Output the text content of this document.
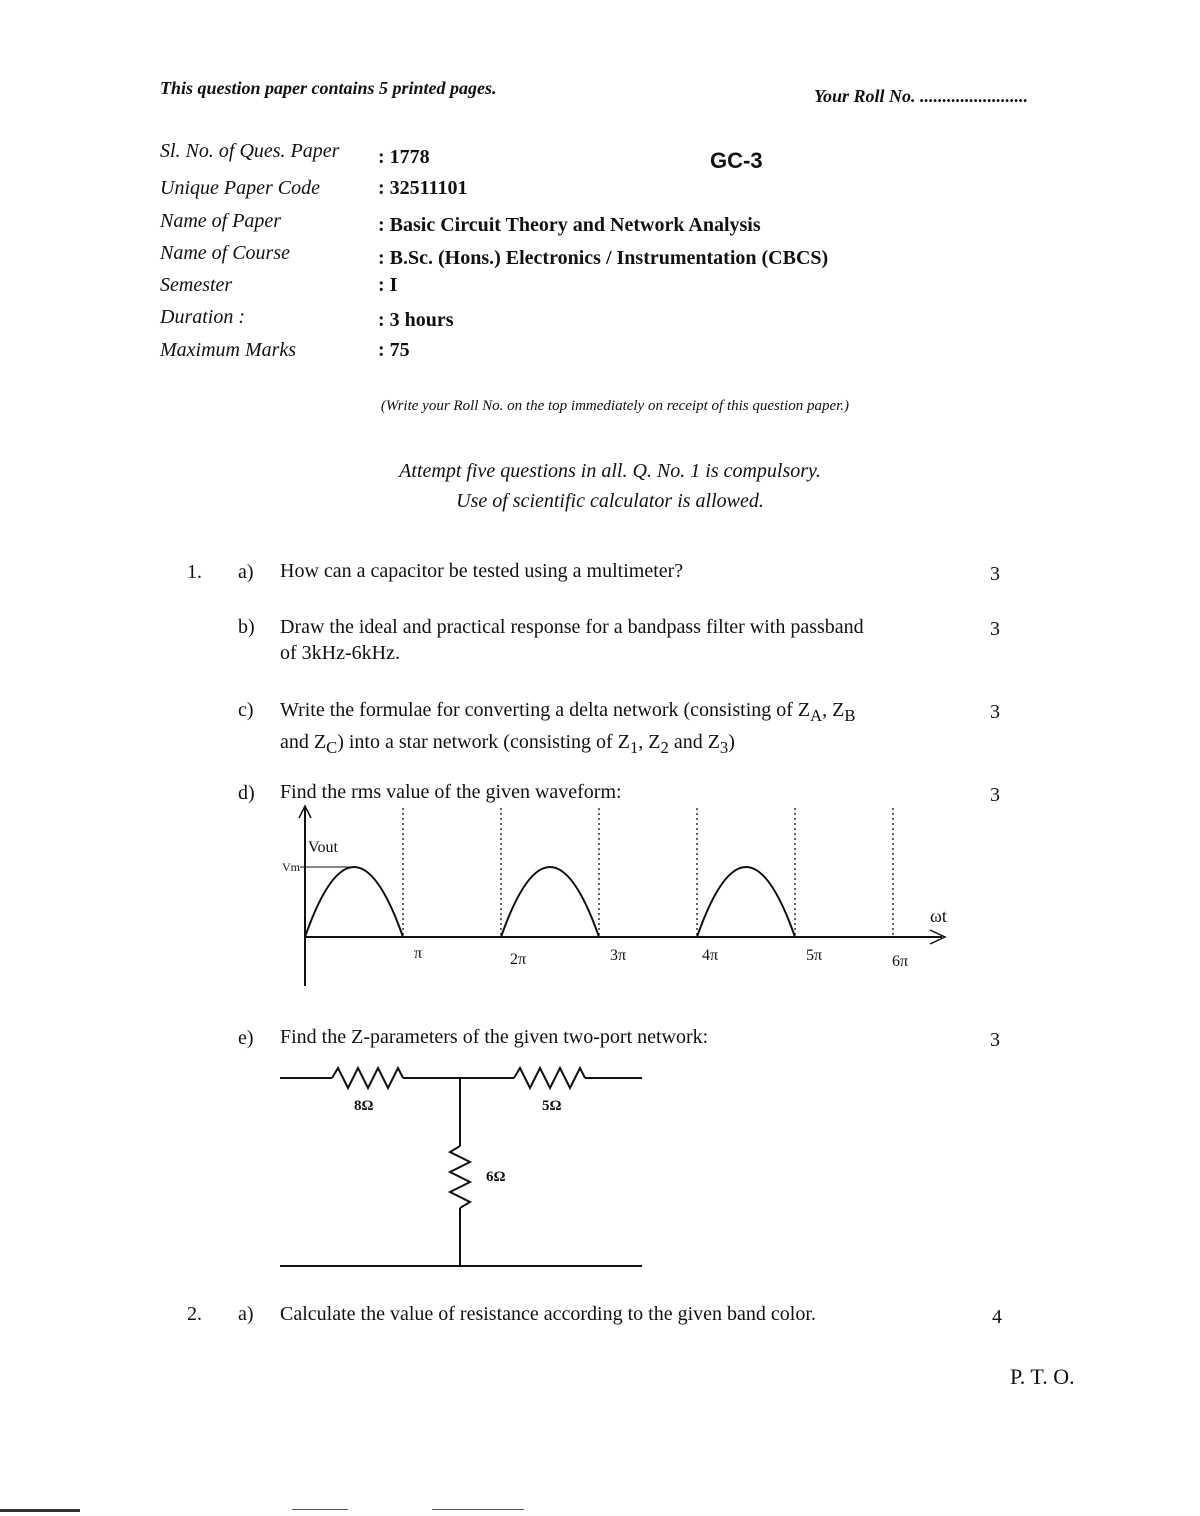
This question paper contains 5 printed pages.	Your Roll No. ........................
Sl. No. of Ques. Paper : 1778
Unique Paper Code	: 32511101
Name of Paper	: Basic Circuit Theory and Network Analysis
Name of Course	: B.Sc. (Hons.) Electronics / Instrumentation (CBCS)
Semester	: I
Duration :	: 3 hours
Maximum Marks	: 75
GC-3
(Write your Roll No. on the top immediately on receipt of this question paper.)
Attempt five questions in all. Q. No. 1 is compulsory.
Use of scientific calculator is allowed.
1. a) How can a capacitor be tested using a multimeter?	3
b) Draw the ideal and practical response for a bandpass filter with passband
of 3kHz-6kHz.
3
c) Write the formulae for converting a delta network (consisting of $Z_A$, $Z_B$
and $Z_C$) into a star network (consisting of $Z_1$, $Z_2$ and $Z_3$)
3
d) Find the rms value of the given waveform:	3
Vout
Vm
ωt
π	2π	3π	4π	5π	6π
e) Find the Z-parameters of the given two-port network:	3
8Ω	5Ω
6Ω
2. a) Calculate the value of resistance according to the given band color.	4
P. T. O.
